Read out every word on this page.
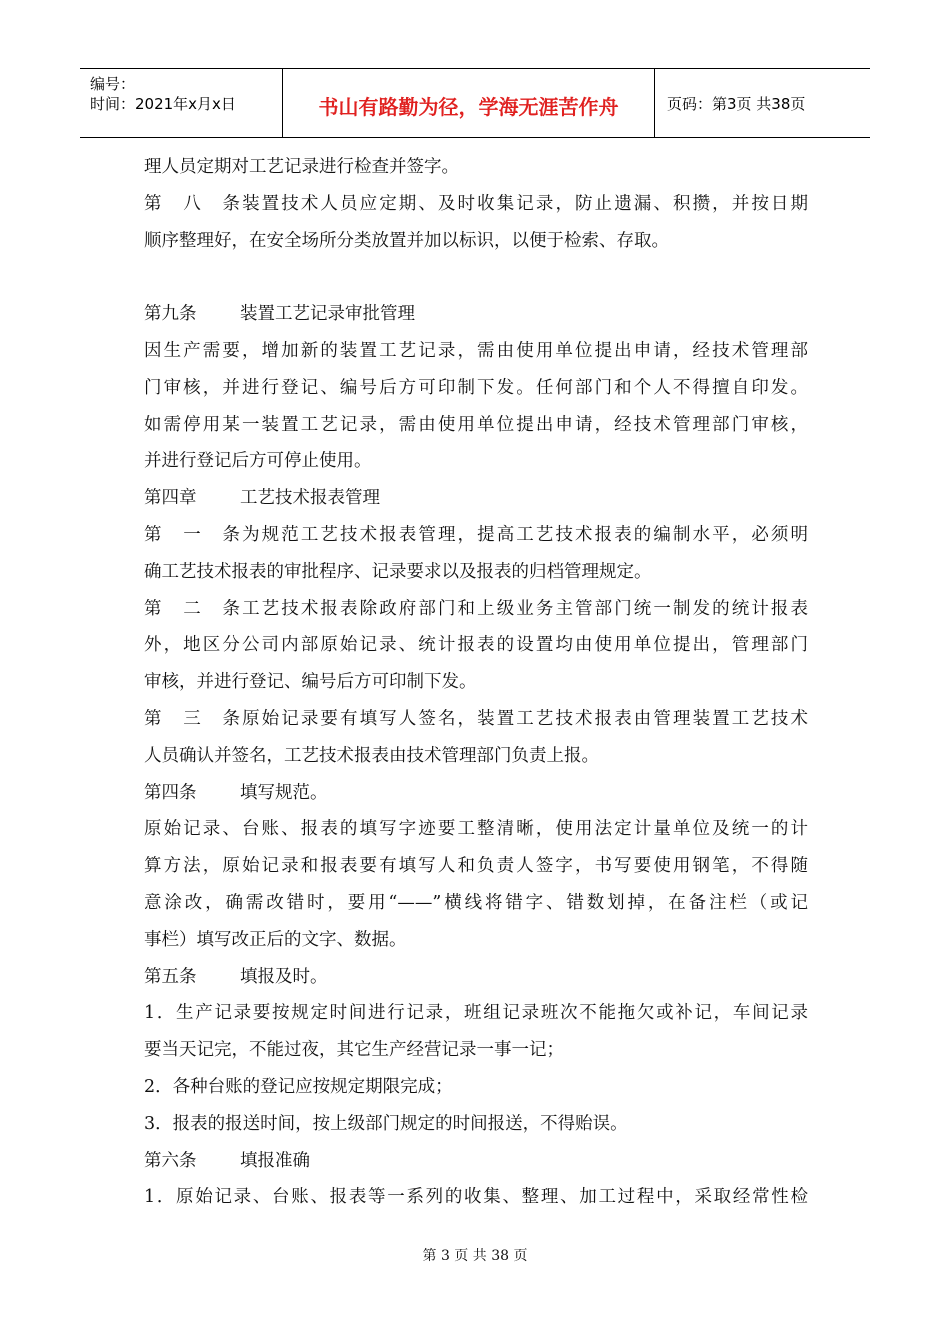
编号：
时间：2021年x月x日	书山有路勤为径，学海无涯苦作舟	页码：第3页 共38页
理人员定期对工艺记录进行检查并签字。
第八条装置技术人员应定期、及时收集记录，防止遗漏、积攒，并按日期
顺序整理好，在安全场所分类放置并加以标识，以便于检索、存取。
第九条 装置工艺记录审批管理
因生产需要，增加新的装置工艺记录，需由使用单位提出申请，经技术管理部
门审核，并进行登记、编号后方可印制下发。任何部门和个人不得擅自印发。
如需停用某一装置工艺记录，需由使用单位提出申请，经技术管理部门审核，
并进行登记后方可停止使用。
第四章 工艺技术报表管理
第一条为规范工艺技术报表管理，提高工艺技术报表的编制水平，必须明
确工艺技术报表的审批程序、记录要求以及报表的归档管理规定。
第二条工艺技术报表除政府部门和上级业务主管部门统一制发的统计报表
外，地区分公司内部原始记录、统计报表的设置均由使用单位提出，管理部门
审核，并进行登记、编号后方可印制下发。
第三条原始记录要有填写人签名，装置工艺技术报表由管理装置工艺技术
人员确认并签名，工艺技术报表由技术管理部门负责上报。
第四条 填写规范。
原始记录、台账、报表的填写字迹要工整清晰，使用法定计量单位及统一的计
算方法，原始记录和报表要有填写人和负责人签字，书写要使用钢笔，不得随
意涂改，确需改错时，要用“——”横线将错字、错数划掉，在备注栏（或记
事栏）填写改正后的文字、数据。
第五条 填报及时。
1．生产记录要按规定时间进行记录，班组记录班次不能拖欠或补记，车间记录
要当天记完，不能过夜，其它生产经营记录一事一记；
2．各种台账的登记应按规定期限完成；
3．报表的报送时间，按上级部门规定的时间报送，不得贻误。
第六条 填报准确
1．原始记录、台账、报表等一系列的收集、整理、加工过程中，采取经常性检
第 3 页 共 38 页
